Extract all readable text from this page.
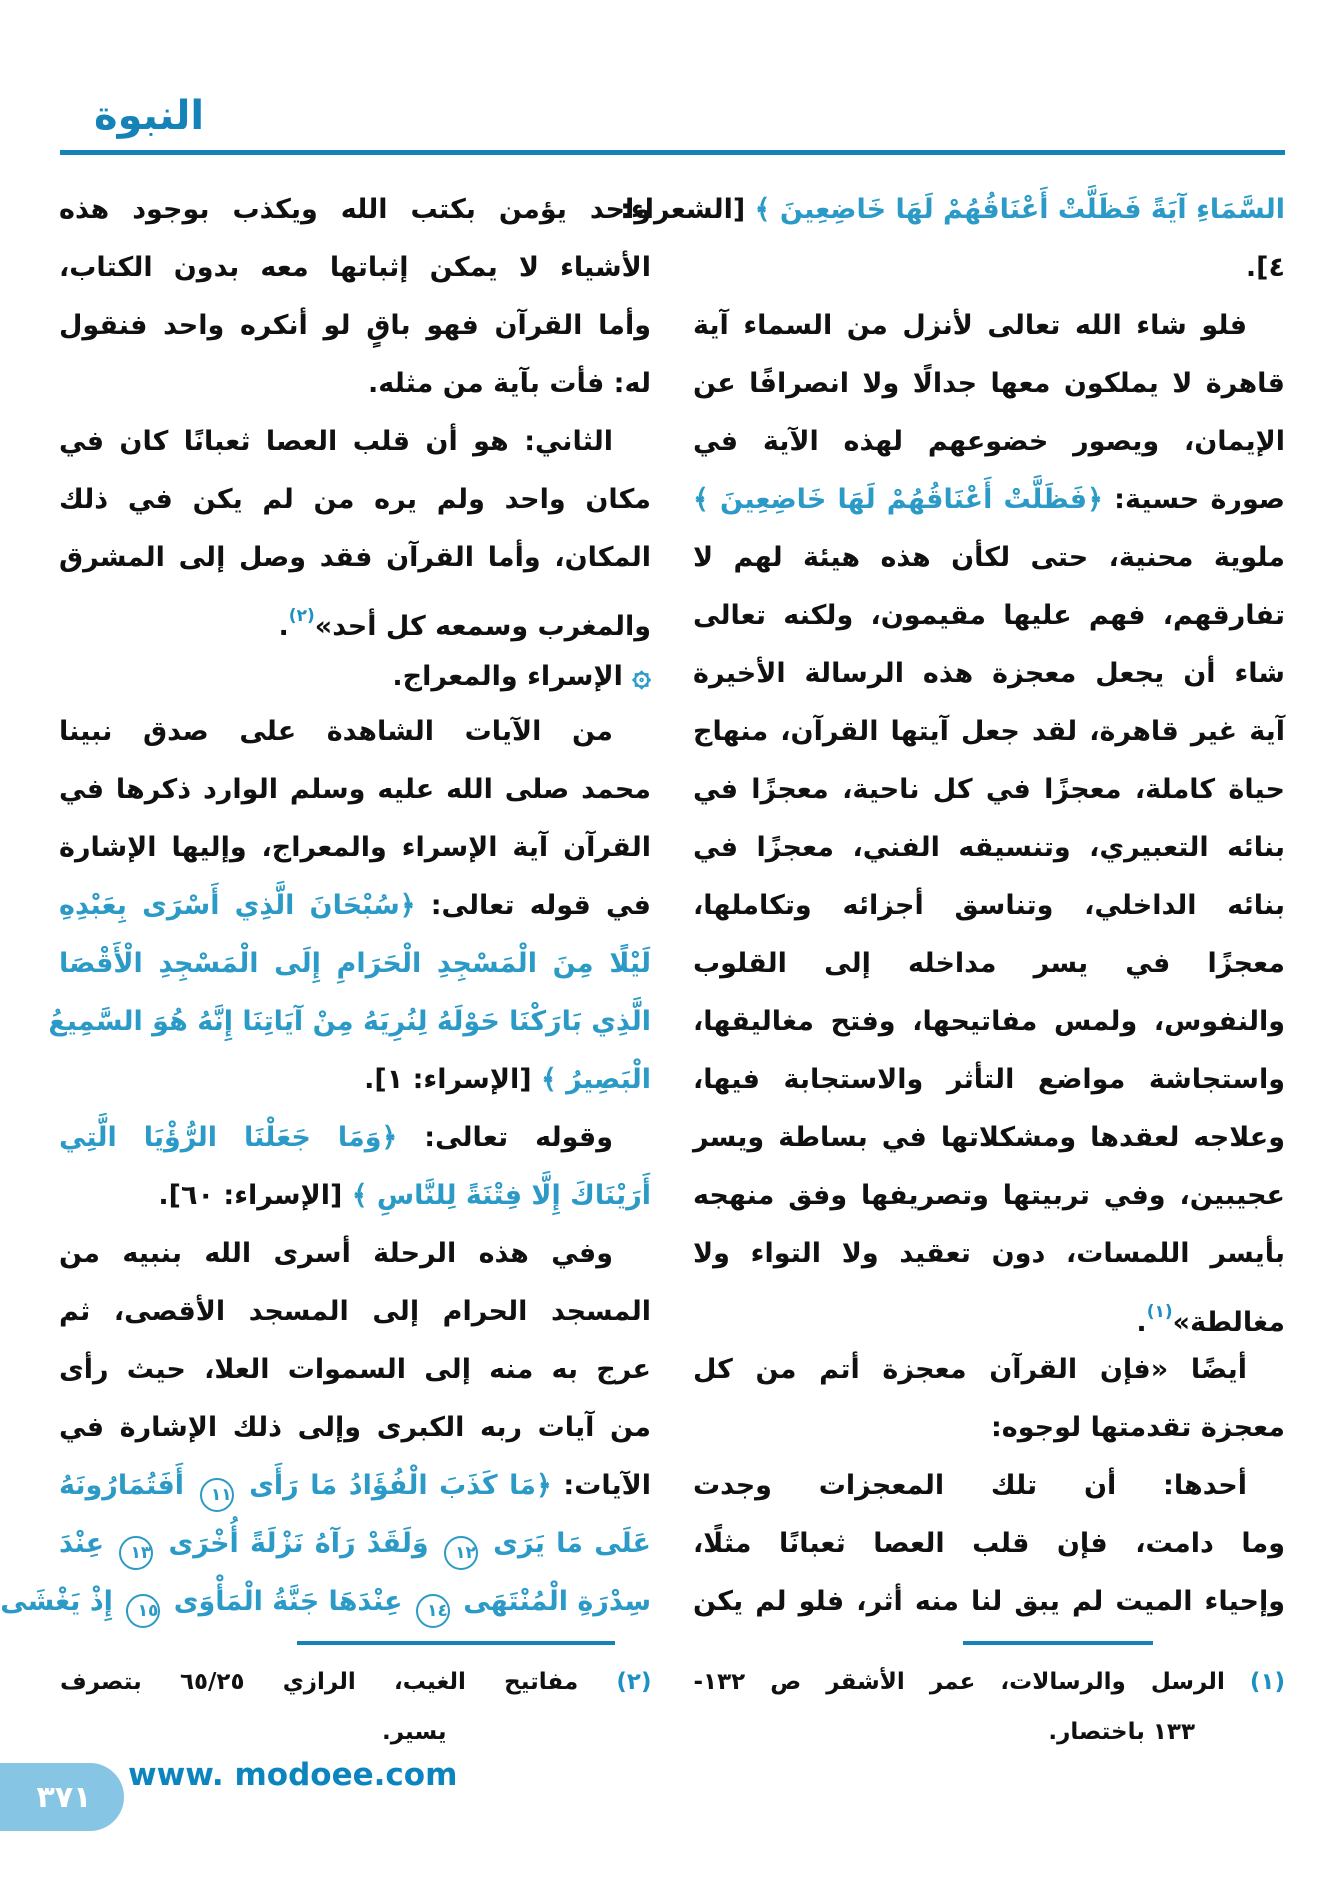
النبوة
السَّمَاءِ آيَةً فَظَلَّتْ أَعْنَاقُهُمْ لَهَا خَاضِعِينَ ﴾ [الشعراء:
٤].
فلو شاء الله تعالى لأنزل من السماء آية
قاهرة لا يملكون معها جدالًا ولا انصرافًا عن
الإيمان، ويصور خضوعهم لهذه الآية في
صورة حسية: ﴿فَظَلَّتْ أَعْنَاقُهُمْ لَهَا خَاضِعِينَ ﴾
ملوية محنية، حتى لكأن هذه هيئة لهم لا
تفارقهم، فهم عليها مقيمون، ولكنه تعالى
شاء أن يجعل معجزة هذه الرسالة الأخيرة
آية غير قاهرة، لقد جعل آيتها القرآن، منهاج
حياة كاملة، معجزًا في كل ناحية، معجزًا في
بنائه التعبيري، وتنسيقه الفني، معجزًا في
بنائه الداخلي، وتناسق أجزائه وتكاملها،
معجزًا في يسر مداخله إلى القلوب
والنفوس، ولمس مفاتيحها، وفتح مغاليقها،
واستجاشة مواضع التأثر والاستجابة فيها،
وعلاجه لعقدها ومشكلاتها في بساطة ويسر
عجيبين، وفي تربيتها وتصريفها وفق منهجه
بأيسر اللمسات، دون تعقيد ولا التواء ولا
مغالطة»$^{(١)}$.
أيضًا «فإن القرآن معجزة أتم من كل
معجزة تقدمتها لوجوه:
أحدها: أن تلك المعجزات وجدت
وما دامت، فإن قلب العصا ثعبانًا مثلًا،
وإحياء الميت لم يبق لنا منه أثر، فلو لم يكن
واحد يؤمن بكتب الله ويكذب بوجود هذه
الأشياء لا يمكن إثباتها معه بدون الكتاب،
وأما القرآن فهو باقٍ لو أنكره واحد فنقول
له: فأت بآية من مثله.
الثاني: هو أن قلب العصا ثعبانًا كان في
مكان واحد ولم يره من لم يكن في ذلك
المكان، وأما القرآن فقد وصل إلى المشرق
والمغرب وسمعه كل أحد»$^{(٢)}$.
۞ الإسراء والمعراج.
من الآيات الشاهدة على صدق نبينا
محمد صلى الله عليه وسلم الوارد ذكرها في
القرآن آية الإسراء والمعراج، وإليها الإشارة
في قوله تعالى: ﴿سُبْحَانَ الَّذِي أَسْرَى بِعَبْدِهِ
لَيْلًا مِنَ الْمَسْجِدِ الْحَرَامِ إِلَى الْمَسْجِدِ الْأَقْصَا
الَّذِي بَارَكْنَا حَوْلَهُ لِنُرِيَهُ مِنْ آيَاتِنَا إِنَّهُ هُوَ السَّمِيعُ
الْبَصِيرُ ﴾ [الإسراء: ١].
وقوله تعالى: ﴿وَمَا جَعَلْنَا الرُّؤْيَا الَّتِي
أَرَيْنَاكَ إِلَّا فِتْنَةً لِلنَّاسِ ﴾ [الإسراء: ٦٠].
وفي هذه الرحلة أسرى الله بنبيه من
المسجد الحرام إلى المسجد الأقصى، ثم
عرج به منه إلى السموات العلا، حيث رأى
من آيات ربه الكبرى وإلى ذلك الإشارة في
الآيات: ﴿مَا كَذَبَ الْفُؤَادُ مَا رَأَى ١١ أَفَتُمَارُونَهُ
عَلَى مَا يَرَى ١٢ وَلَقَدْ رَآهُ نَزْلَةً أُخْرَى ١٣ عِنْدَ
سِدْرَةِ الْمُنْتَهَى ١٤ عِنْدَهَا جَنَّةُ الْمَأْوَى ١٥ إِذْ يَغْشَى
(١) الرسل والرسالات، عمر الأشقر ص ١٣٢-
١٣٣ باختصار.
(٢) مفاتيح الغيب، الرازي ٦٥/٢٥ بتصرف
يسير.
٣٧١
www. modoee.com
